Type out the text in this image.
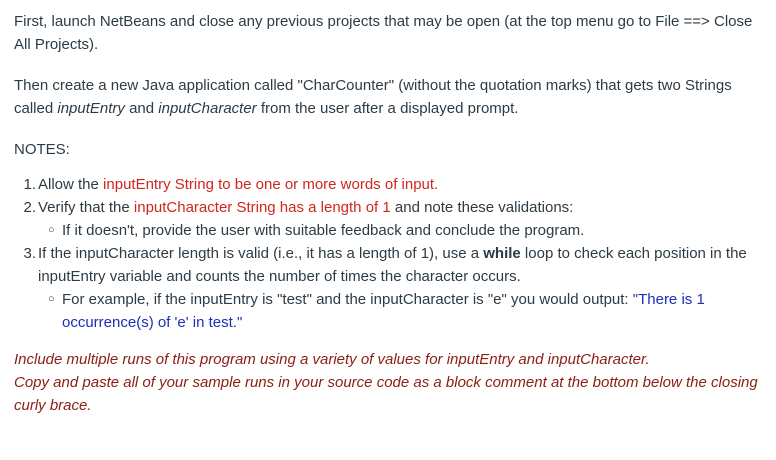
First, launch NetBeans and close any previous projects that may be open (at the top menu go to File ==> Close All Projects).

Then create a new Java application called "CharCounter" (without the quotation marks) that gets two Strings called inputEntry and inputCharacter from the user after a displayed prompt.

NOTES:

1. Allow the inputEntry String to be one or more words of input.
2. Verify that the inputCharacter String has a length of 1 and note these validations:
○ If it doesn't, provide the user with suitable feedback and conclude the program.
3. If the inputCharacter length is valid (i.e., it has a length of 1), use a while loop to check each position in the inputEntry variable and counts the number of times the character occurs.
○ For example, if the inputEntry is "test" and the inputCharacter is "e" you would output: "There is 1 occurrence(s) of 'e' in test."

Include multiple runs of this program using a variety of values for inputEntry and inputCharacter.

Copy and paste all of your sample runs in your source code as a block comment at the bottom below the closing curly brace.
